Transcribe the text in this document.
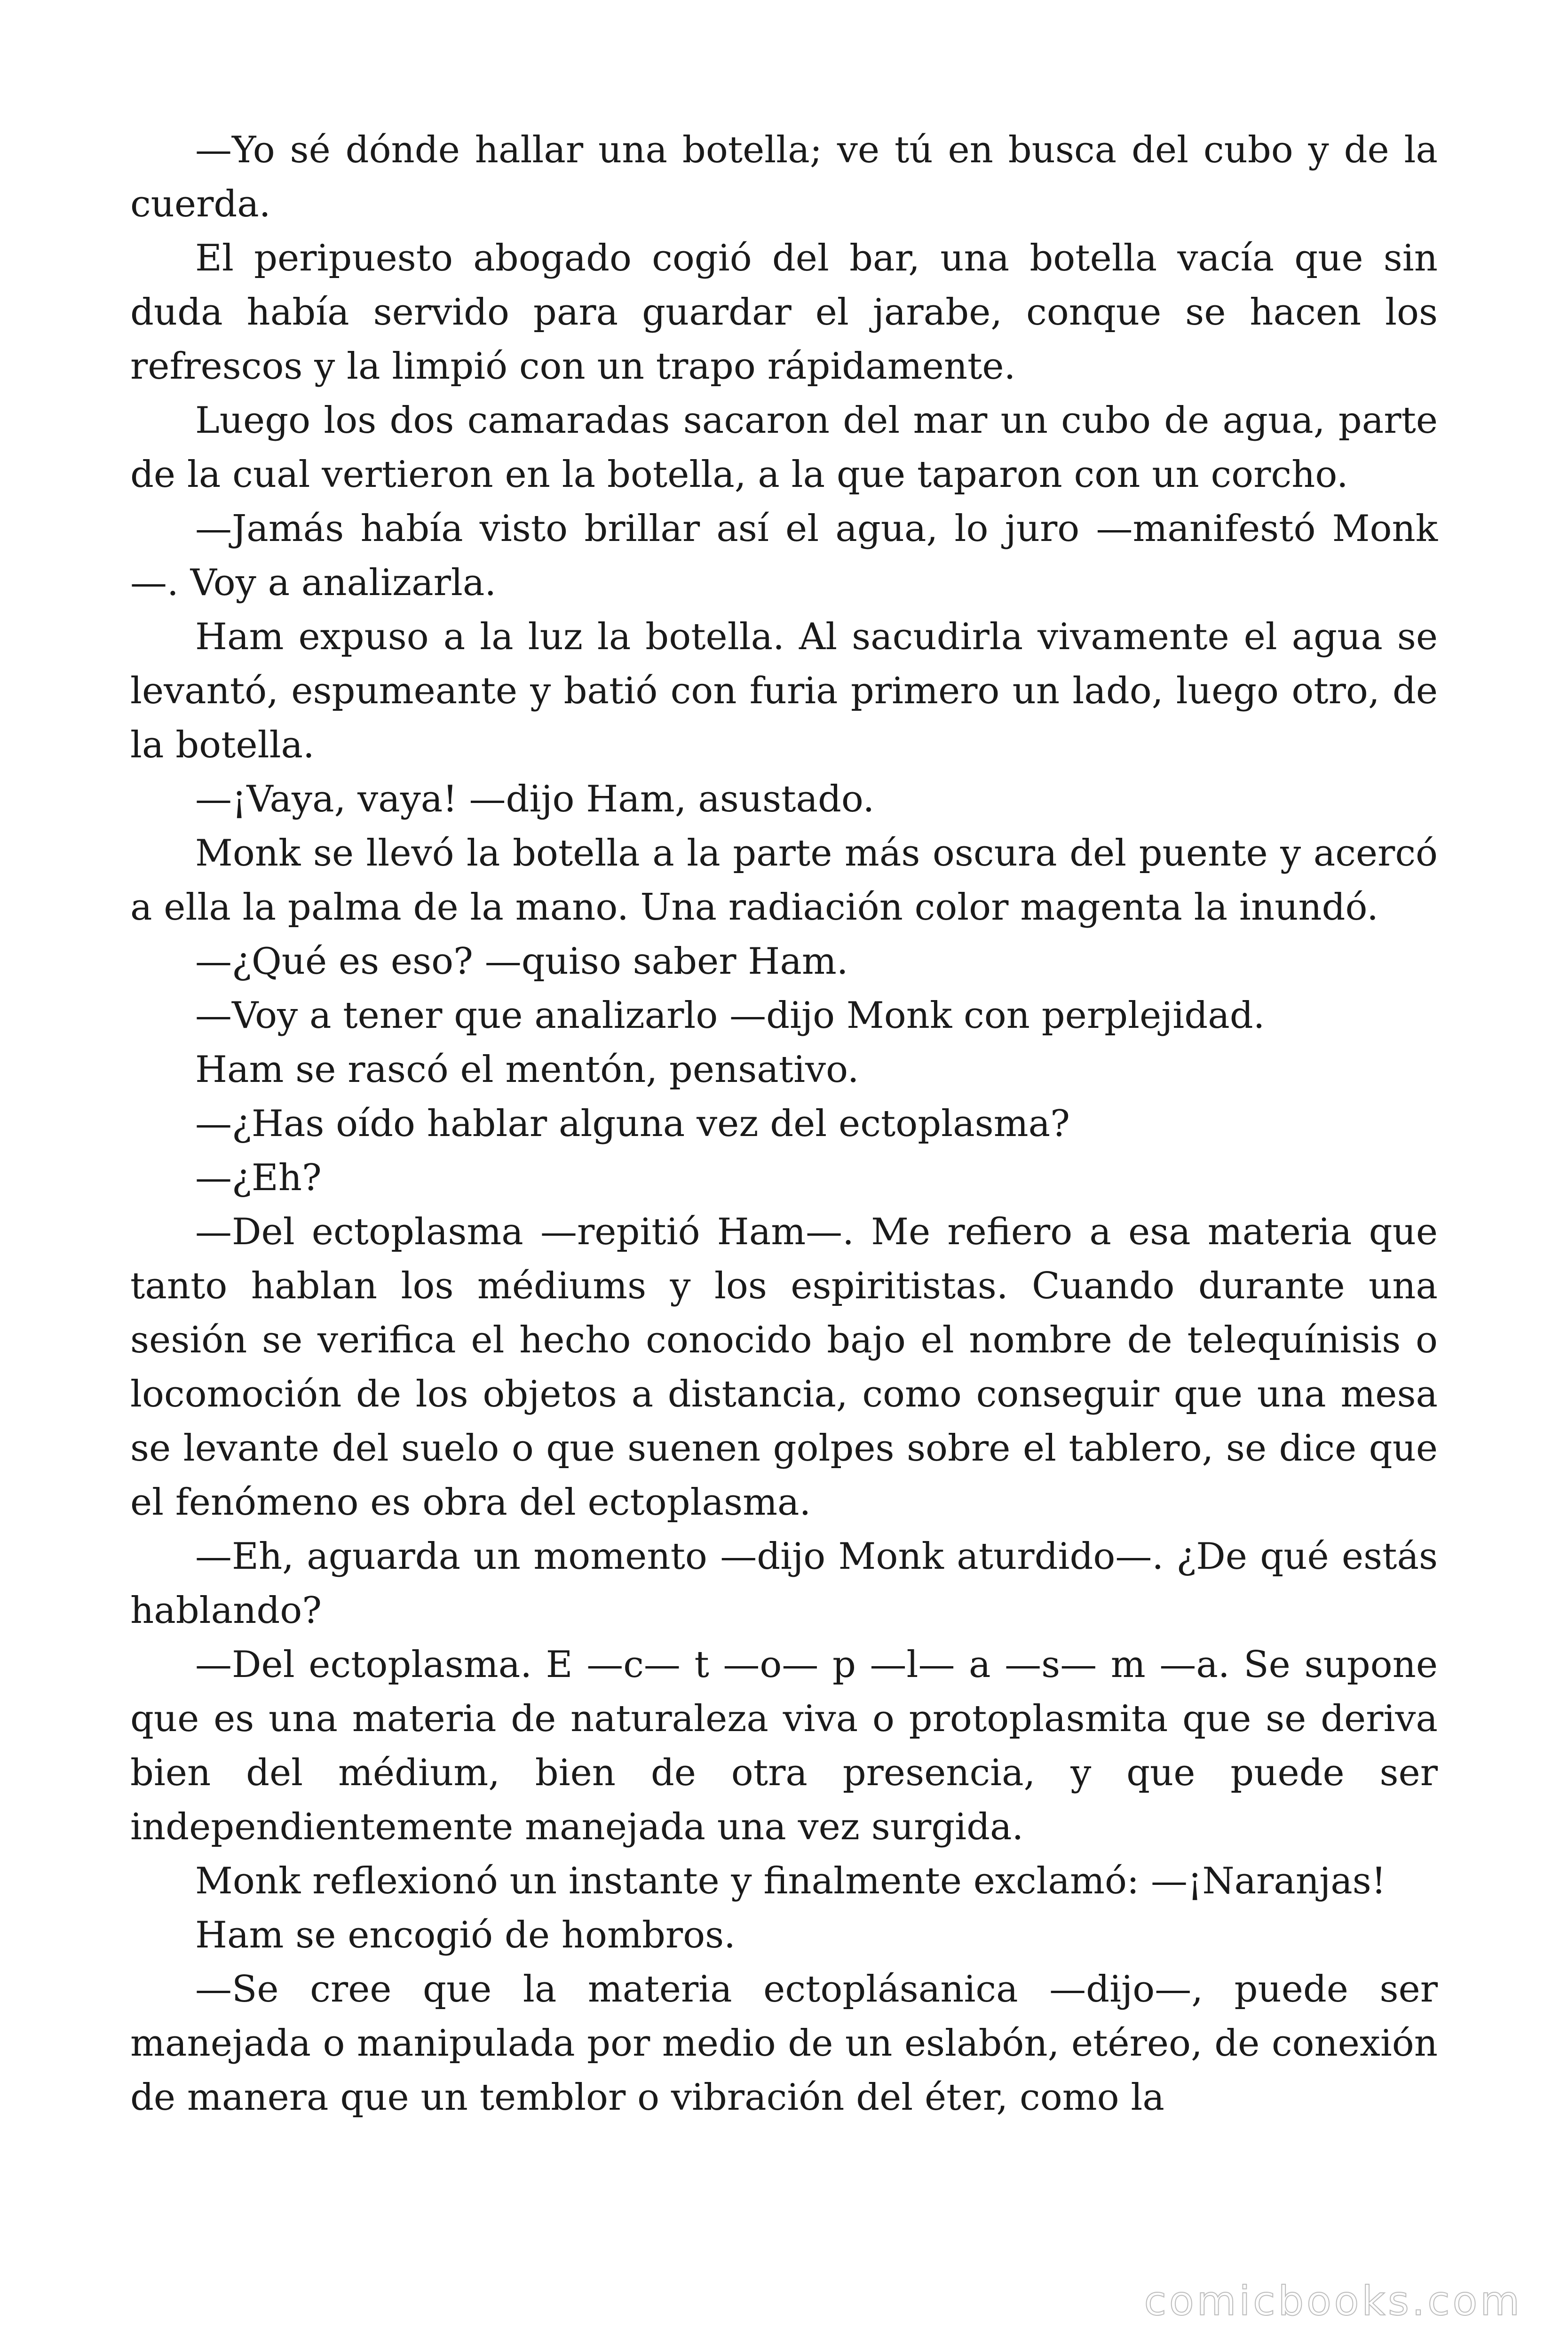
—Yo sé dónde hallar una botella; ve tú en busca del cubo y de la cuerda.

El peripuesto abogado cogió del bar, una botella vacía que sin duda había servido para guardar el jarabe, conque se hacen los refrescos y la limpió con un trapo rápidamente.

Luego los dos camaradas sacaron del mar un cubo de agua, parte de la cual vertieron en la botella, a la que taparon con un corcho.

—Jamás había visto brillar así el agua, lo juro —manifestó Monk —. Voy a analizarla.

Ham expuso a la luz la botella. Al sacudirla vivamente el agua se levantó, espumeante y batió con furia primero un lado, luego otro, de la botella.

—¡Vaya, vaya! —dijo Ham, asustado.

Monk se llevó la botella a la parte más oscura del puente y acercó a ella la palma de la mano. Una radiación color magenta la inundó.

—¿Qué es eso? —quiso saber Ham.

—Voy a tener que analizarlo —dijo Monk con perplejidad.

Ham se rascó el mentón, pensativo.

—¿Has oído hablar alguna vez del ectoplasma?

—¿Eh?

—Del ectoplasma —repitió Ham—. Me refiero a esa materia que tanto hablan los médiums y los espiritistas. Cuando durante una sesión se verifica el hecho conocido bajo el nombre de telequínisis o locomoción de los objetos a distancia, como conseguir que una mesa se levante del suelo o que suenen golpes sobre el tablero, se dice que el fenómeno es obra del ectoplasma.

—Eh, aguarda un momento —dijo Monk aturdido—. ¿De qué estás hablando?

—Del ectoplasma. E —c— t —o— p —l— a —s— m —a. Se supone que es una materia de naturaleza viva o protoplasmita que se deriva bien del médium, bien de otra presencia, y que puede ser independientemente manejada una vez surgida.

Monk reflexionó un instante y finalmente exclamó: —¡Naranjas!

Ham se encogió de hombros.

—Se cree que la materia ectoplásanica —dijo—, puede ser manejada o manipulada por medio de un eslabón, etéreo, de conexión de manera que un temblor o vibración del éter, como la

comicbooks.com
